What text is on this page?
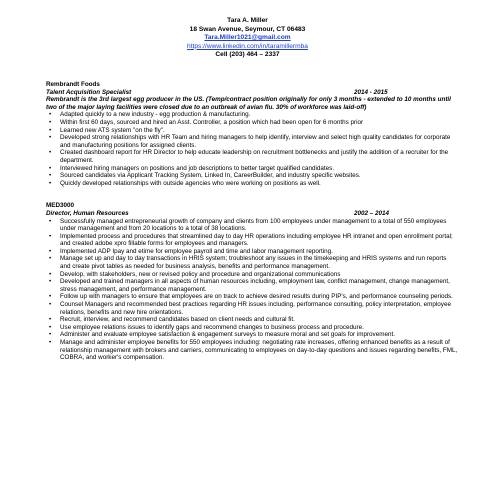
Tara A. Miller
18 Swan Avenue, Seymour, CT 06483
Tara.Miller1021@gmail.com
https://www.linkedin.com/in/taramillermba
Cell (203) 464 – 2337

Rembrandt Foods

Talent Acquisition Specialist	2014 - 2015

Rembrandt is the 3rd largest egg producer in the US. (Temp/contract position originally for only 3 months - extended to 10 months until two of the major laying facilities were closed due to an outbreak of avian flu. 30% of workforce was laid-off)

• Adapted quickly to a new industry - egg production & manufacturing.
• Within first 60 days, sourced and hired an Asst. Controller, a position which had been open for 6 months prior
• Learned new ATS system "on the fly".
• Developed strong relationships with HR Team and hiring managers to help identify, interview and select high quality candidates for corporate and manufacturing positions for assigned clients.
• Created dashboard report for HR Director to help educate leadership on recruitment bottlenecks and justify the addition of a recruiter for the department.
• Interviewed hiring managers on positions and job descriptions to better target qualified candidates.
• Sourced candidates via Applicant Tracking System, Linked In, CareerBuilder, and industry specific websites.
• Quickly developed relationships with outside agencies who were working on positions as well.

MED3000

Director, Human Resources	2002 – 2014
• Successfully managed entrepreneurial growth of company and clients from 100 employees under management to a total of 550 employees under management and from 20 locations to a total of 38 locations.
• Implemented process and procedures that streamlined day to day HR operations including employee HR intranet and open enrollment portal; and created adobe xpro fillable forms for employees and managers.
• Implemented ADP Ipay and etime for employee payroll and time and labor management reporting.
• Manage set up and day to day transactions in HRIS system; troubleshoot any issues in the timekeeping and HRIS systems and run reports and create pivot tables as needed for business analysis, benefits and performance management.
• Develop, with stakeholders, new or revised policy and procedure and organizational communications
• Developed and trained managers in all aspects of human resources including, employment law, conflict management, change management, stress management, and performance management.
• Follow up with managers to ensure that employees are on track to achieve desired results during PIP's, and performance counseling periods.
• Counsel Managers and recommended best practices regarding HR issues including, performance consulting, policy interpretation, employee relations, benefits and new hire orientations.
• Recruit, interview, and recommend candidates based on client needs and cultural fit.
• Use employee relations issues to identify gaps and recommend changes to business process and procedure.
• Administer and evaluate employee satisfaction & engagement surveys to measure moral and set goals for improvement.
• Manage and administer employee benefits for 550 employees including: negotiating rate increases, offering enhanced benefits as a result of relationship management with brokers and carriers, communicating to employees on day-to-day questions and issues regarding benefits, FML, COBRA, and worker's compensation.
